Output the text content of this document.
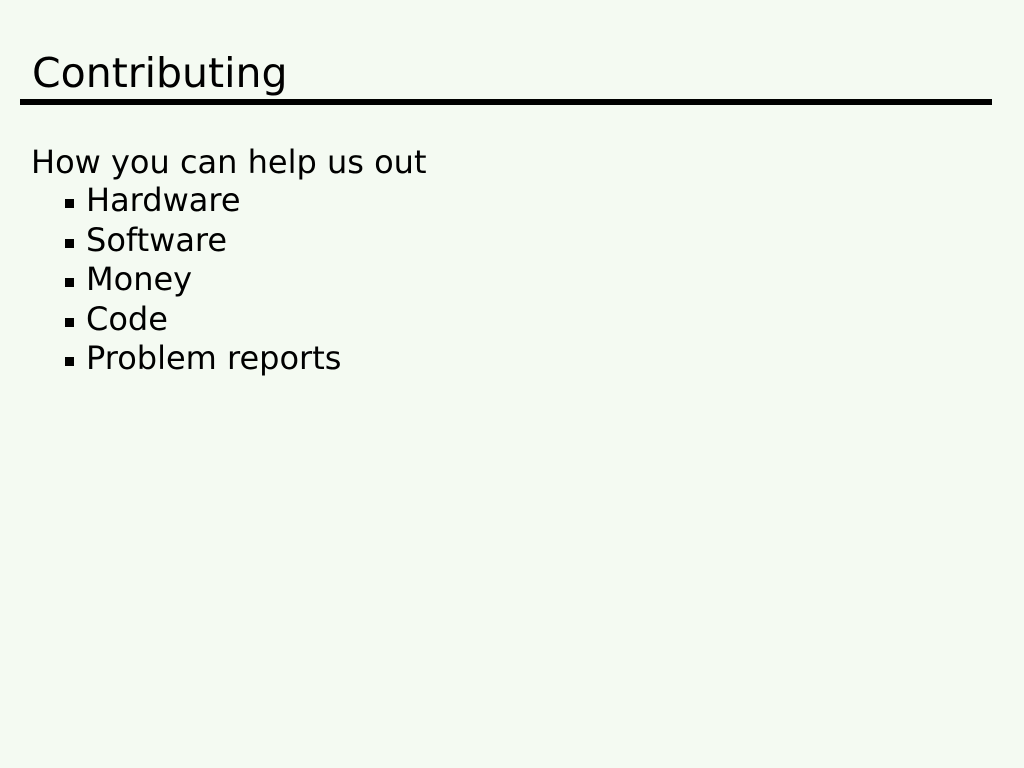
Contributing
How you can help us out
Hardware
Software
Money
Code
Problem reports
